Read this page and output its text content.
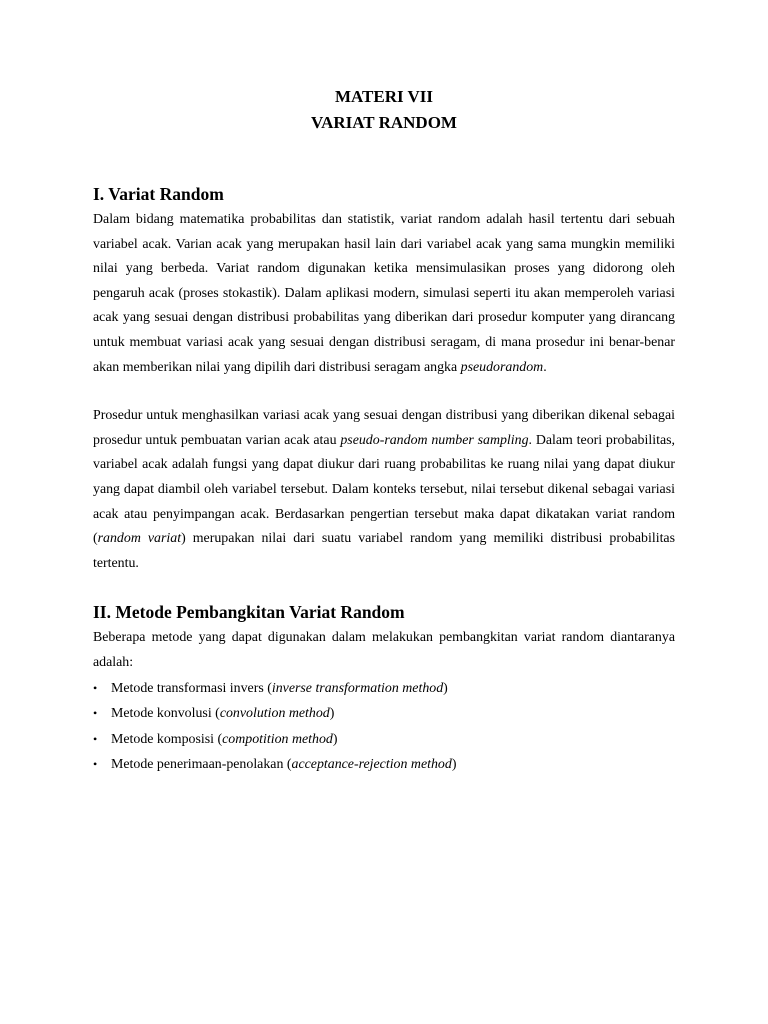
MATERI VII

VARIAT RANDOM

I. Variat Random

Dalam bidang matematika probabilitas dan statistik, variat random adalah hasil tertentu dari sebuah variabel acak. Varian acak yang merupakan hasil lain dari variabel acak yang sama mungkin memiliki nilai yang berbeda. Variat random digunakan ketika mensimulasikan proses yang didorong oleh pengaruh acak (proses stokastik). Dalam aplikasi modern, simulasi seperti itu akan memperoleh variasi acak yang sesuai dengan distribusi probabilitas yang diberikan dari prosedur komputer yang dirancang untuk membuat variasi acak yang sesuai dengan distribusi seragam, di mana prosedur ini benar-benar akan memberikan nilai yang dipilih dari distribusi seragam angka pseudorandom.

Prosedur untuk menghasilkan variasi acak yang sesuai dengan distribusi yang diberikan dikenal sebagai prosedur untuk pembuatan varian acak atau pseudo-random number sampling. Dalam teori probabilitas, variabel acak adalah fungsi yang dapat diukur dari ruang probabilitas ke ruang nilai yang dapat diukur yang dapat diambil oleh variabel tersebut. Dalam konteks tersebut, nilai tersebut dikenal sebagai variasi acak atau penyimpangan acak. Berdasarkan pengertian tersebut maka dapat dikatakan variat random (random variat) merupakan nilai dari suatu variabel random yang memiliki distribusi probabilitas tertentu.

II. Metode Pembangkitan Variat Random

Beberapa metode yang dapat digunakan dalam melakukan pembangkitan variat random diantaranya adalah:

• Metode transformasi invers (inverse transformation method)
• Metode konvolusi (convolution method)
• Metode komposisi (compotition method)
• Metode penerimaan-penolakan (acceptance-rejection method)
